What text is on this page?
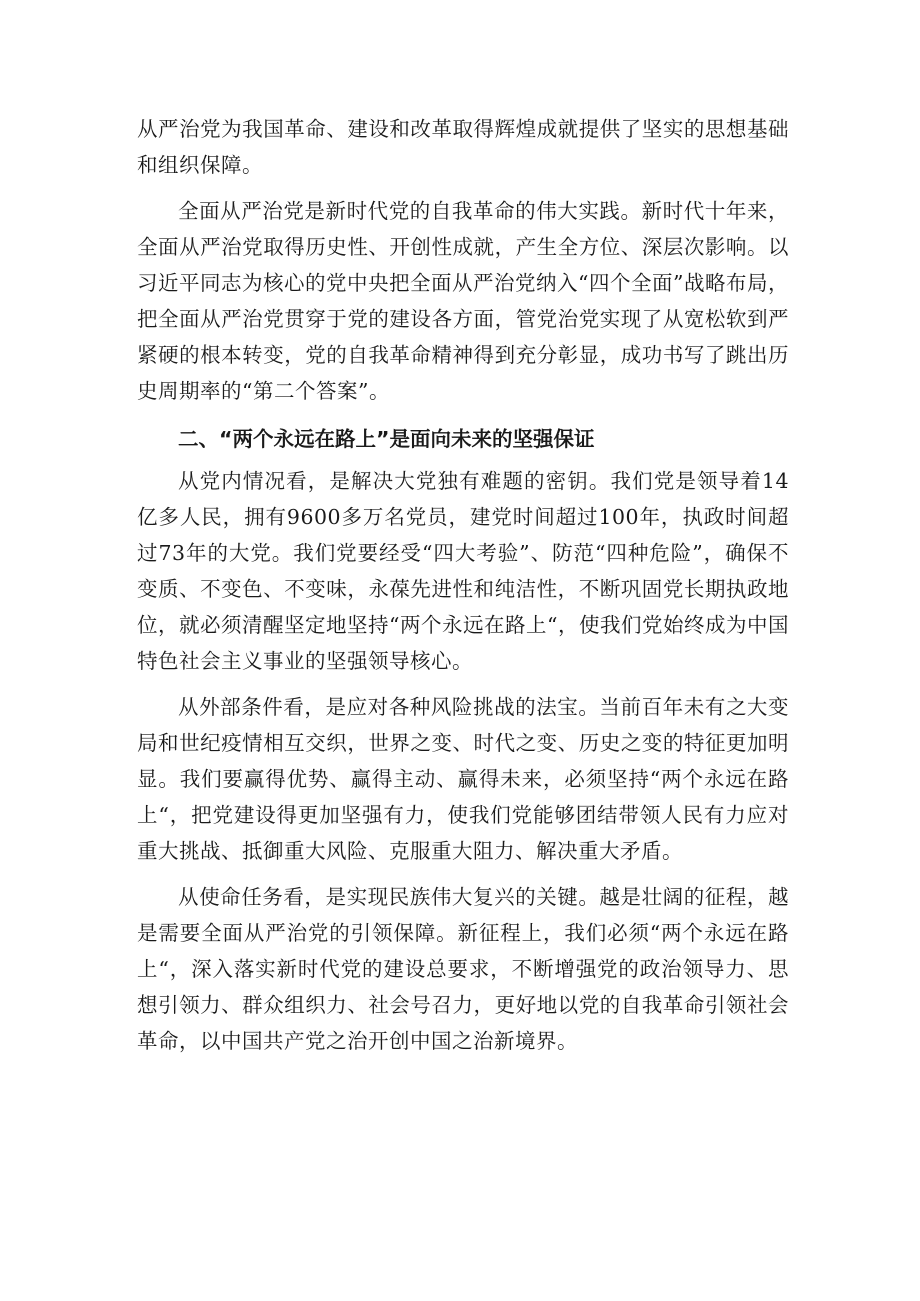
从严治党为我国革命、建设和改革取得辉煌成就提供了坚实的思想基础和组织保障。

全面从严治党是新时代党的自我革命的伟大实践。新时代十年来，全面从严治党取得历史性、开创性成就，产生全方位、深层次影响。以习近平同志为核心的党中央把全面从严治党纳入“四个全面”战略布局，把全面从严治党贯穿于党的建设各方面，管党治党实现了从宽松软到严紧硬的根本转变，党的自我革命精神得到充分彰显，成功书写了跳出历史周期率的“第二个答案”。

二、“两个永远在路上”是面向未来的坚强保证

从党内情况看，是解决大党独有难题的密钥。我们党是领导着14亿多人民，拥有9600多万名党员，建党时间超过100年，执政时间超过73年的大党。我们党要经受“四大考验”、防范“四种危险”，确保不变质、不变色、不变味，永葆先进性和纯洁性，不断巩固党长期执政地位，就必须清醒坚定地坚持“两个永远在路上“，使我们党始终成为中国特色社会主义事业的坚强领导核心。

从外部条件看，是应对各种风险挑战的法宝。当前百年未有之大变局和世纪疫情相互交织，世界之变、时代之变、历史之变的特征更加明显。我们要赢得优势、赢得主动、赢得未来，必须坚持“两个永远在路上“，把党建设得更加坚强有力，使我们党能够团结带领人民有力应对重大挑战、抵御重大风险、克服重大阻力、解决重大矛盾。

从使命任务看，是实现民族伟大复兴的关键。越是壮阔的征程，越是需要全面从严治党的引领保障。新征程上，我们必须“两个永远在路上“，深入落实新时代党的建设总要求，不断增强党的政治领导力、思想引领力、群众组织力、社会号召力，更好地以党的自我革命引领社会革命，以中国共产党之治开创中国之治新境界。
